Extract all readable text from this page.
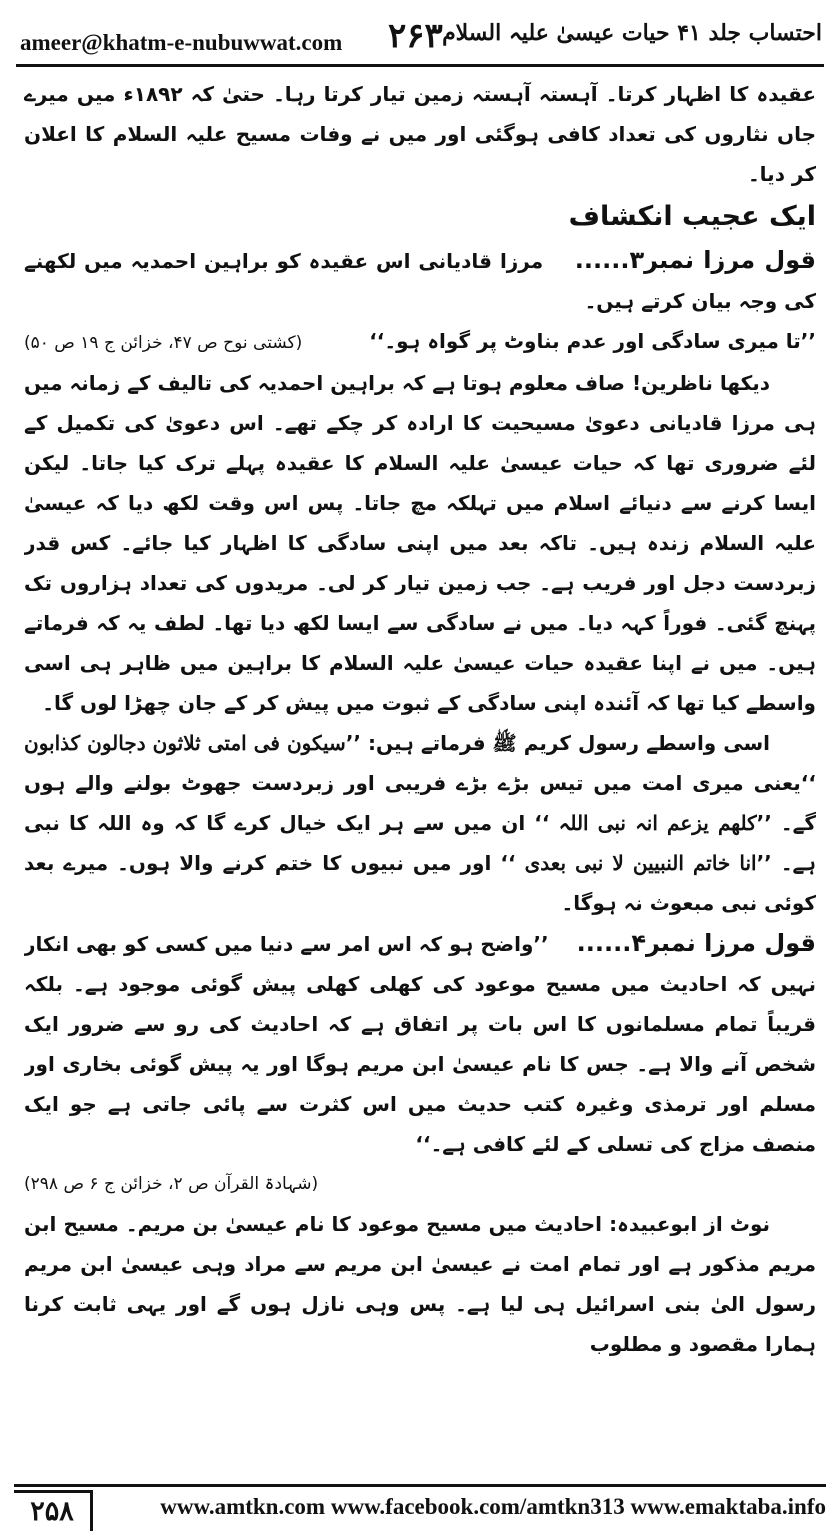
ameer@khatm-e-nubuwwat.com ۲۶۳ احتساب جلد ۴۱ حیات عیسیٰ علیہ السلام

عقیدہ کا اظہار کرتا۔ آہستہ آہستہ زمین تیار کرتا رہا۔ حتیٰ کہ ۱۸۹۲ء میں میرے جاں نثاروں کی تعداد کافی ہوگئی اور میں نے وفات مسیح علیہ السلام کا اعلان کر دیا۔

ایک عجیب انکشاف

قول مرزا نمبر۳......    مرزا قادیانی اس عقیدہ کو براہین احمدیہ میں لکھنے کی وجہ بیان کرتے ہیں۔

’’تا میری سادگی اور عدم بناوٹ پر گواہ ہو۔‘‘
(کشتی نوح ص ۴۷، خزائن ج ۱۹ ص ۵۰)

دیکھا ناظرین! صاف معلوم ہوتا ہے کہ براہین احمدیہ کی تالیف کے زمانہ میں ہی مرزا قادیانی دعویٰ مسیحیت کا ارادہ کر چکے تھے۔ اس دعویٰ کی تکمیل کے لئے ضروری تھا کہ حیات عیسیٰ علیہ السلام کا عقیدہ پہلے ترک کیا جاتا۔ لیکن ایسا کرنے سے دنیائے اسلام میں تہلکہ مچ جاتا۔ پس اس وقت لکھ دیا کہ عیسیٰ علیہ السلام زندہ ہیں۔ تاکہ بعد میں اپنی سادگی کا اظہار کیا جائے۔ کس قدر زبردست دجل اور فریب ہے۔ جب زمین تیار کر لی۔ مریدوں کی تعداد ہزاروں تک پہنچ گئی۔ فوراً کہہ دیا۔ میں نے سادگی سے ایسا لکھ دیا تھا۔ لطف یہ کہ فرماتے ہیں۔ میں نے اپنا عقیدہ حیات عیسیٰ علیہ السلام کا براہین میں ظاہر ہی اسی واسطے کیا تھا کہ آئندہ اپنی سادگی کے ثبوت میں پیش کر کے جان چھڑا لوں گا۔

اسی واسطے رسول کریم ﷺ فرماتے ہیں: ’’سیکون فی امتی ثلاثون دجالون کذابون ‘‘یعنی میری امت میں تیس بڑے بڑے فریبی اور زبردست جھوٹ بولنے والے ہوں گے۔ ’’کلھم یزعم انہ نبی اللہ ‘‘ ان میں سے ہر ایک خیال کرے گا کہ وہ اللہ کا نبی ہے۔ ’’انا خاتم النبیین لا نبی بعدی ‘‘ اور میں نبیوں کا ختم کرنے والا ہوں۔ میرے بعد کوئی نبی مبعوث نہ ہوگا۔

قول مرزا نمبر۴......    ’’واضح ہو کہ اس امر سے دنیا میں کسی کو بھی انکار نہیں کہ احادیث میں مسیح موعود کی کھلی کھلی پیش گوئی موجود ہے۔ بلکہ قریباً تمام مسلمانوں کا اس بات پر اتفاق ہے کہ احادیث کی رو سے ضرور ایک شخص آنے والا ہے۔ جس کا نام عیسیٰ ابن مریم ہوگا اور یہ پیش گوئی بخاری اور مسلم اور ترمذی وغیرہ کتب حدیث میں اس کثرت سے پائی جاتی ہے جو ایک منصف مزاج کی تسلی کے لئے کافی ہے۔‘‘

(شہادۃ القرآن ص ۲، خزائن ج ۶ ص ۲۹۸)

نوٹ از ابوعبیدہ: احادیث میں مسیح موعود کا نام عیسیٰ بن مریم۔ مسیح ابن مریم مذکور ہے اور تمام امت نے عیسیٰ ابن مریم سے مراد وہی عیسیٰ ابن مریم رسول الیٰ بنی اسرائیل ہی لیا ہے۔ پس وہی نازل ہوں گے اور یہی ثابت کرنا ہمارا مقصود و مطلوب

۲۵۸	www.amtkn.com www.facebook.com/amtkn313 www.emaktaba.info
